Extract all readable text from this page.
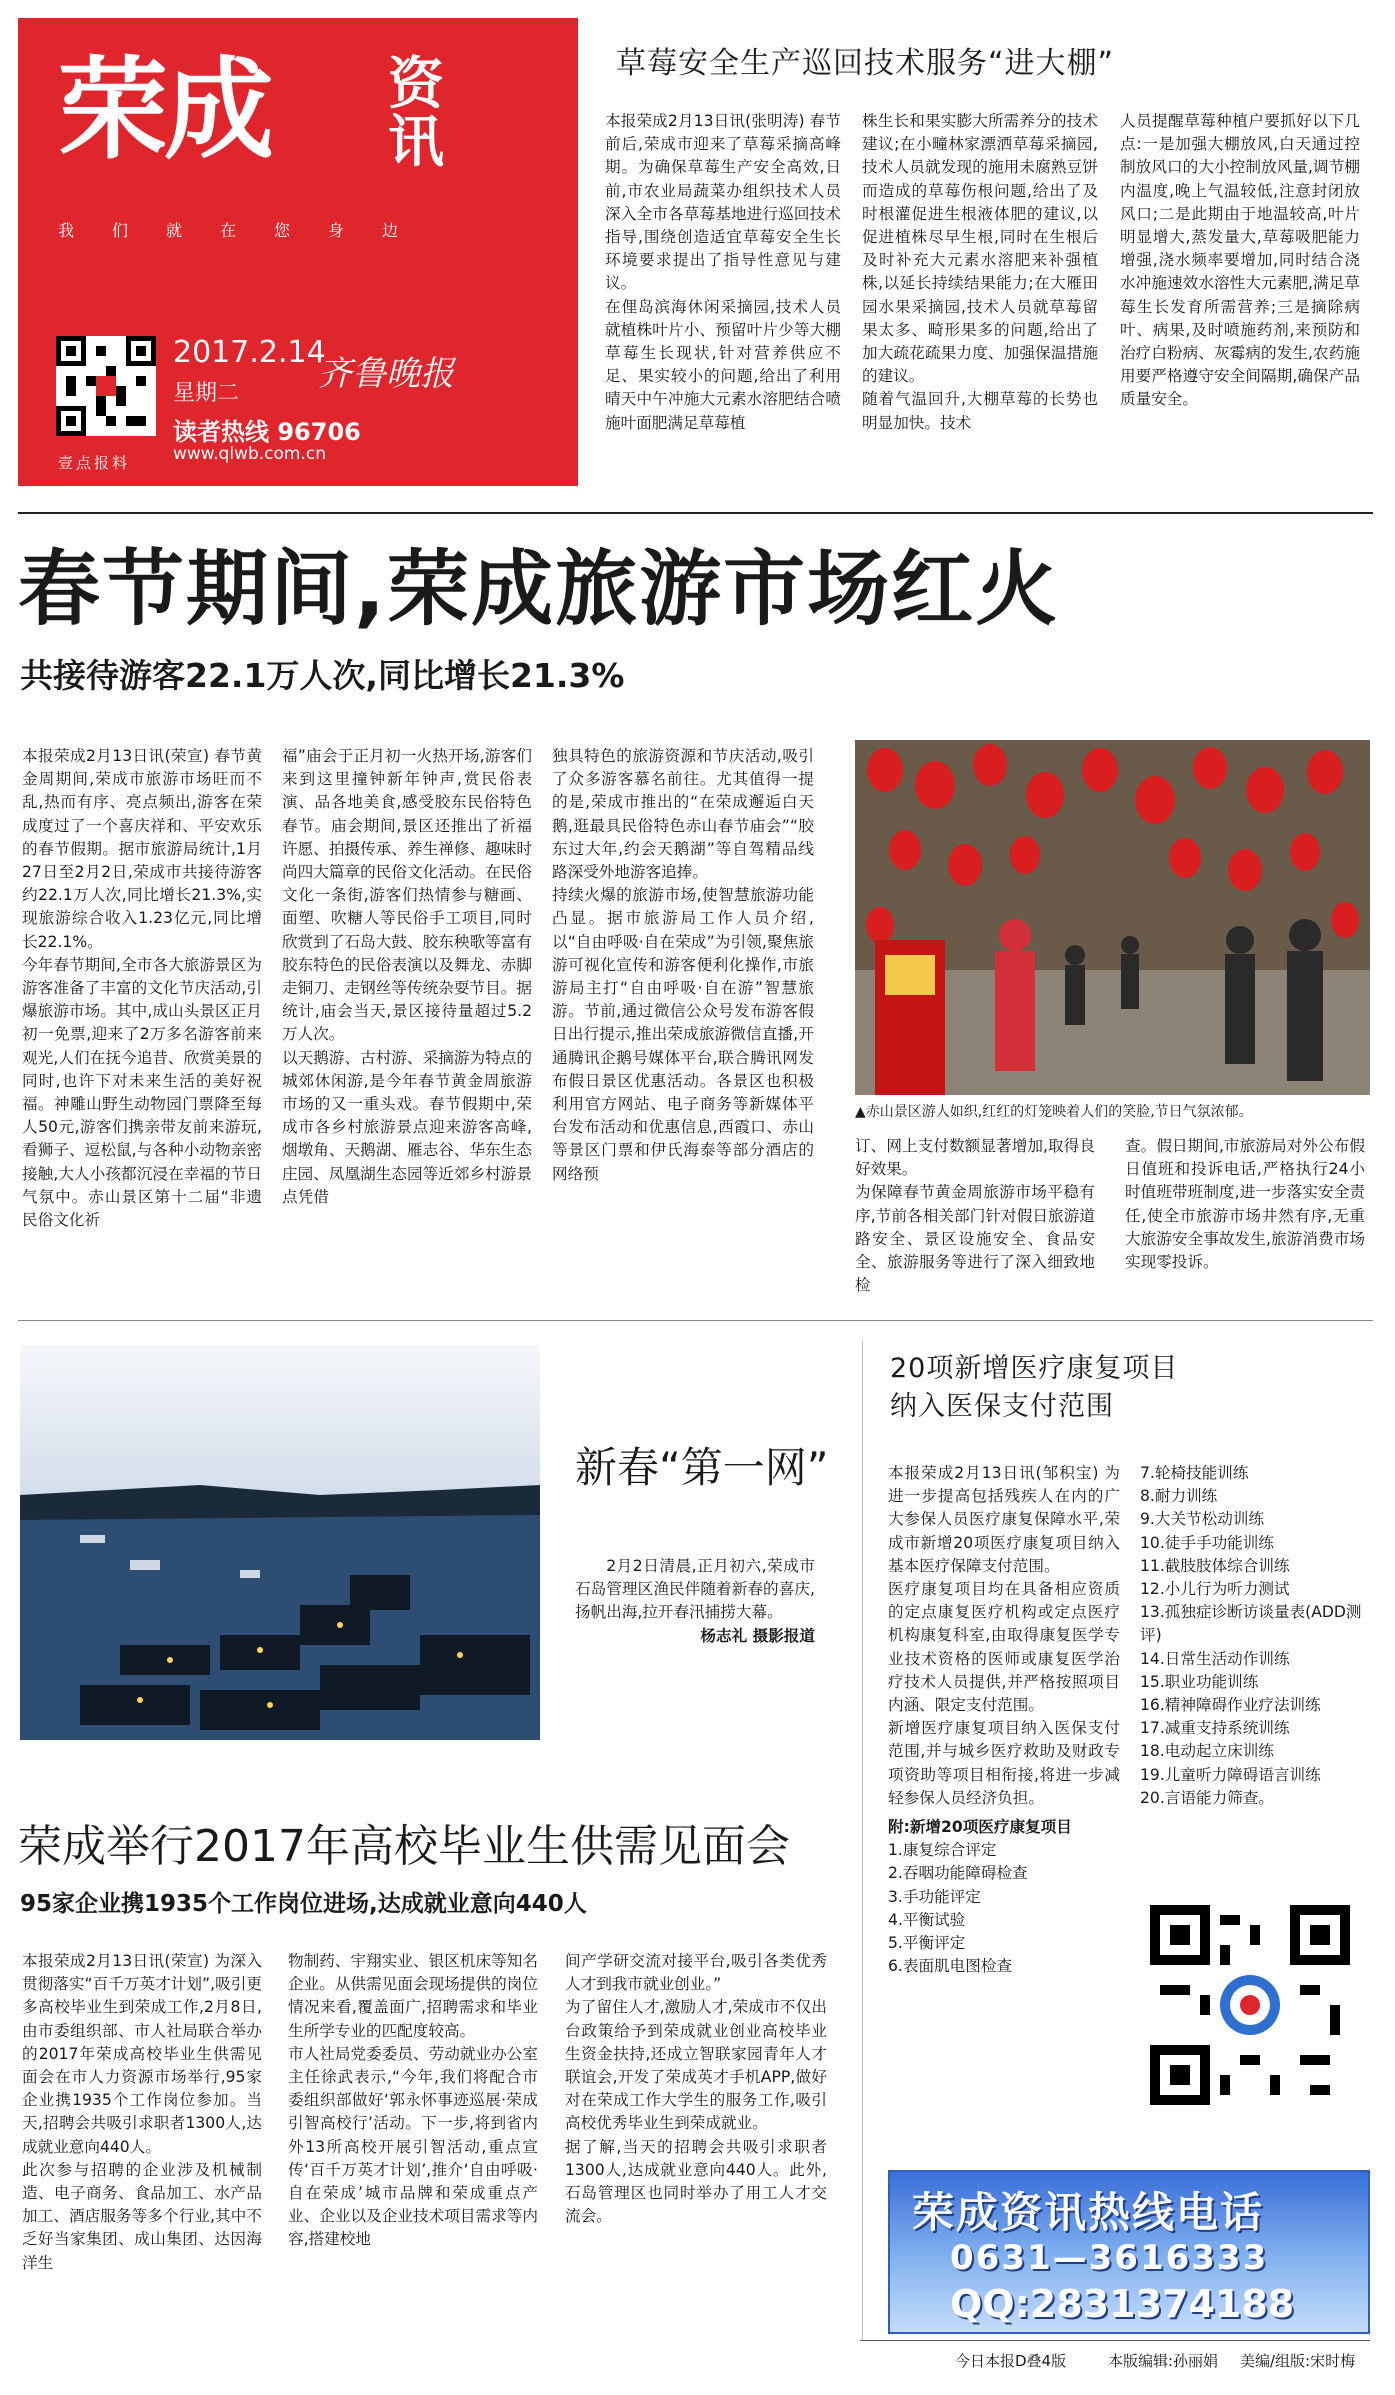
荣成 资
讯
我们就在您身边
2017.2.14
星期二 齐鲁晚报
读者热线 96706
www.qlwb.com.cn
壹点报料
草莓安全生产巡回技术服务“进大棚”

本报荣成2月13日讯(张明涛) 春节前后,荣成市迎来了草莓采摘高峰期。为确保草莓生产安全高效,日前,市农业局蔬菜办组织技术人员深入全市各草莓基地进行巡回技术指导,围绕创造适宜草莓安全生长环境要求提出了指导性意见与建议。
在俚岛滨海休闲采摘园,技术人员就植株叶片小、预留叶片少等大棚草莓生长现状,针对营养供应不足、果实较小的问题,给出了利用晴天中午冲施大元素水溶肥结合喷施叶面肥满足草莓植

株生长和果实膨大所需养分的技术建议;在小疃林家漂洒草莓采摘园,技术人员就发现的施用未腐熟豆饼而造成的草莓伤根问题,给出了及时根灌促进生根液体肥的建议,以促进植株尽早生根,同时在生根后及时补充大元素水溶肥来补强植株,以延长持续结果能力;在大雁田园水果采摘园,技术人员就草莓留果太多、畸形果多的问题,给出了加大疏花疏果力度、加强保温措施的建议。
随着气温回升,大棚草莓的长势也明显加快。技术

人员提醒草莓种植户要抓好以下几点:一是加强大棚放风,白天通过控制放风口的大小控制放风量,调节棚内温度,晚上气温较低,注意封闭放风口;二是此期由于地温较高,叶片明显增大,蒸发量大,草莓吸肥能力增强,浇水频率要增加,同时结合浇水冲施速效水溶性大元素肥,满足草莓生长发育所需营养;三是摘除病叶、病果,及时喷施药剂,来预防和治疗白粉病、灰霉病的发生,农药施用要严格遵守安全间隔期,确保产品质量安全。

春节期间,荣成旅游市场红火
共接待游客22.1万人次,同比增长21.3%

本报荣成2月13日讯(荣宣) 春节黄金周期间,荣成市旅游市场旺而不乱,热而有序、亮点频出,游客在荣成度过了一个喜庆祥和、平安欢乐的春节假期。据市旅游局统计,1月27日至2月2日,荣成市共接待游客约22.1万人次,同比增长21.3%,实现旅游综合收入1.23亿元,同比增长22.1%。
今年春节期间,全市各大旅游景区为游客准备了丰富的文化节庆活动,引爆旅游市场。其中,成山头景区正月初一免票,迎来了2万多名游客前来观光,人们在抚今追昔、欣赏美景的同时,也许下对未来生活的美好祝福。神雕山野生动物园门票降至每人50元,游客们携亲带友前来游玩,看狮子、逗松鼠,与各种小动物亲密接触,大人小孩都沉浸在幸福的节日气氛中。赤山景区第十二届“非遗民俗文化祈

福”庙会于正月初一火热开场,游客们来到这里撞钟新年钟声,赏民俗表演、品各地美食,感受胶东民俗特色春节。庙会期间,景区还推出了祈福许愿、拍摄传承、养生禅修、趣味时尚四大篇章的民俗文化活动。在民俗文化一条街,游客们热情参与糖画、面塑、吹糖人等民俗手工项目,同时欣赏到了石岛大鼓、胶东秧歌等富有胶东特色的民俗表演以及舞龙、赤脚走铜刀、走钢丝等传统杂耍节目。据统计,庙会当天,景区接待量超过5.2万人次。
以天鹅游、古村游、采摘游为特点的城郊休闲游,是今年春节黄金周旅游市场的又一重头戏。春节假期中,荣成市各乡村旅游景点迎来游客高峰,烟墩角、天鹅湖、雁志谷、华东生态庄园、凤凰湖生态园等近郊乡村游景点凭借

独具特色的旅游资源和节庆活动,吸引了众多游客慕名前往。尤其值得一提的是,荣成市推出的“在荣成邂逅白天鹅,逛最具民俗特色赤山春节庙会”“胶东过大年,约会天鹅湖”等自驾精品线路深受外地游客追捧。
持续火爆的旅游市场,使智慧旅游功能凸显。据市旅游局工作人员介绍,以“自由呼吸·自在荣成”为引领,聚焦旅游可视化宣传和游客便利化操作,市旅游局主打“自由呼吸·自在游”智慧旅游。节前,通过微信公众号发布游客假日出行提示,推出荣成旅游微信直播,开通腾讯企鹅号媒体平台,联合腾讯网发布假日景区优惠活动。各景区也积极利用官方网站、电子商务等新媒体平台发布活动和优惠信息,西霞口、赤山等景区门票和伊氏海泰等部分酒店的网络预

▲赤山景区游人如织,红红的灯笼映着人们的笑脸,节日气氛浓郁。

订、网上支付数额显著增加,取得良好效果。
为保障春节黄金周旅游市场平稳有序,节前各相关部门针对假日旅游道路安全、景区设施安全、食品安全、旅游服务等进行了深入细致地检

查。假日期间,市旅游局对外公布假日值班和投诉电话,严格执行24小时值班带班制度,进一步落实安全责任,使全市旅游市场井然有序,无重大旅游安全事故发生,旅游消费市场实现零投诉。

新春“第一网”

2月2日清晨,正月初六,荣成市石岛管理区渔民伴随着新春的喜庆,扬帆出海,拉开春汛捕捞大幕。

杨志礼 摄影报道

20项新增医疗康复项目
纳入医保支付范围

本报荣成2月13日讯(邹积宝) 为进一步提高包括残疾人在内的广大参保人员医疗康复保障水平,荣成市新增20项医疗康复项目纳入基本医疗保障支付范围。
医疗康复项目均在具备相应资质的定点康复医疗机构或定点医疗机构康复科室,由取得康复医学专业技术资格的医师或康复医学治疗技术人员提供,并严格按照项目内涵、限定支付范围。
新增医疗康复项目纳入医保支付范围,并与城乡医疗救助及财政专项资助等项目相衔接,将进一步减轻参保人员经济负担。

附:新增20项医疗康复项目

1.康复综合评定
2.吞咽功能障碍检查
3.手功能评定
4.平衡试验
5.平衡评定
6.表面肌电图检查
7.轮椅技能训练
8.耐力训练
9.大关节松动训练
10.徒手手功能训练
11.截肢肢体综合训练
12.小儿行为听力测试
13.孤独症诊断访谈量表(ADD测评)
14.日常生活动作训练
15.职业功能训练
16.精神障碍作业疗法训练
17.减重支持系统训练
18.电动起立床训练
19.儿童听力障碍语言训练
20.言语能力筛查。
荣成资讯热线电话
0631—3616333
QQ:2831374188
荣成举行2017年高校毕业生供需见面会
95家企业携1935个工作岗位进场,达成就业意向440人

本报荣成2月13日讯(荣宣) 为深入贯彻落实“百千万英才计划”,吸引更多高校毕业生到荣成工作,2月8日,由市委组织部、市人社局联合举办的2017年荣成高校毕业生供需见面会在市人力资源市场举行,95家企业携1935个工作岗位参加。当天,招聘会共吸引求职者1300人,达成就业意向440人。
此次参与招聘的企业涉及机械制造、电子商务、食品加工、水产品加工、酒店服务等多个行业,其中不乏好当家集团、成山集团、达因海洋生

物制药、宇翔实业、银区机床等知名企业。从供需见面会现场提供的岗位情况来看,覆盖面广,招聘需求和毕业生所学专业的匹配度较高。
市人社局党委委员、劳动就业办公室主任徐武表示,“今年,我们将配合市委组织部做好‘郭永怀事迹巡展·荣成引智高校行’活动。下一步,将到省内外13所高校开展引智活动,重点宣传‘百千万英才计划’,推介‘自由呼吸·自在荣成’城市品牌和荣成重点产业、企业以及企业技术项目需求等内容,搭建校地

间产学研交流对接平台,吸引各类优秀人才到我市就业创业。”
为了留住人才,激励人才,荣成市不仅出台政策给予到荣成就业创业高校毕业生资金扶持,还成立智联家园青年人才联谊会,开发了荣成英才手机APP,做好对在荣成工作大学生的服务工作,吸引高校优秀毕业生到荣成就业。
据了解,当天的招聘会共吸引求职者1300人,达成就业意向440人。此外,石岛管理区也同时举办了用工人才交流会。

今日本报D叠4版	本版编辑:孙丽娟 美编/组版:宋时梅
